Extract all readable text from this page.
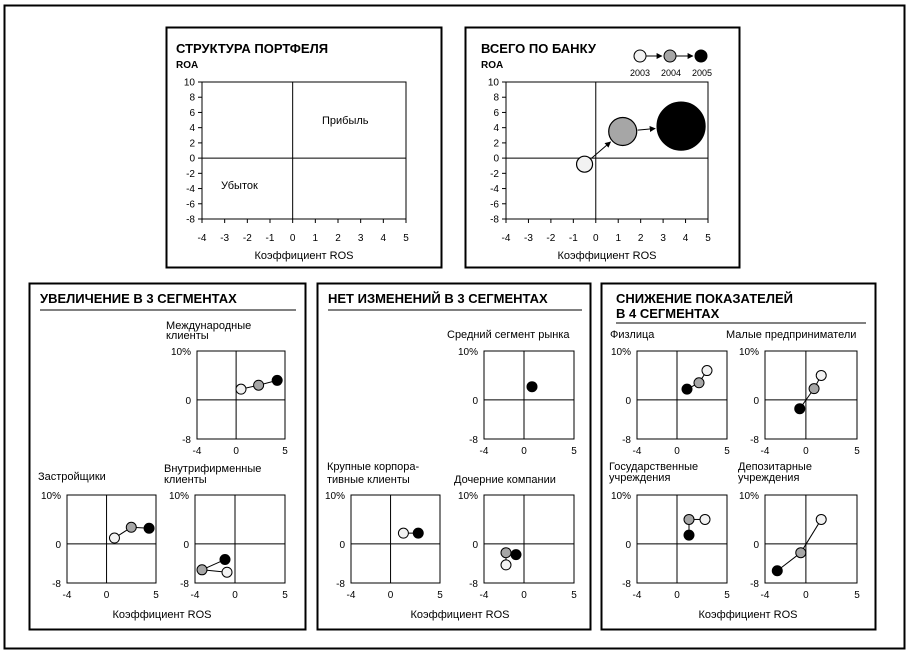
СТРУКТУРА ПОРТФЕЛЯ
ROA
ВСЕГО ПО БАНКУ
ROA
УВЕЛИЧЕНИЕ В 3 СЕГМЕНТАХ	НЕТ ИЗМЕНЕНИЙ В 3 СЕГМЕНТАХ	СНИЖЕНИЕ ПОКАЗАТЕЛЕЙ
В 4 СЕГМЕНТАХ
Прибыль
Убыток
2003 2004 2005
Коэффициент ROS	Коэффициент ROS	Коэффициент ROS
Международные
клиенты
Застройщики
Внутрифирменные
клиенты
Средний сегмент рынка
Крупные корпора-
тивные клиенты	Дочерние компании
Физлица	Малые предприниматели
Государственные
учреждения
Депозитарные
учреждения
10
8
6
4
2
0
-2
-4
-6
-8
-4 -3 -2 -1 0 1 2 3 4 5
Коэффициент ROS
10
8
6
4
2
0
-2
-4
-6
-8
-4 -3 -2 -1 0 1 2 3 4 5
Коэффициент ROS
10%
0
-8
-4	0	5
10%
0
-8
-4	0	5
10%
0
-8
-4	0	5
10%
0
-8
-4	0	5
10%
0
-8
-4	0	5
10%
0
-8
-4	0	5
10%
0
-8
-4	0	5
10%
0
-8
-4	0	5
10%
0
-8
-4	0	5
10%
0
-8
-4	0	5
